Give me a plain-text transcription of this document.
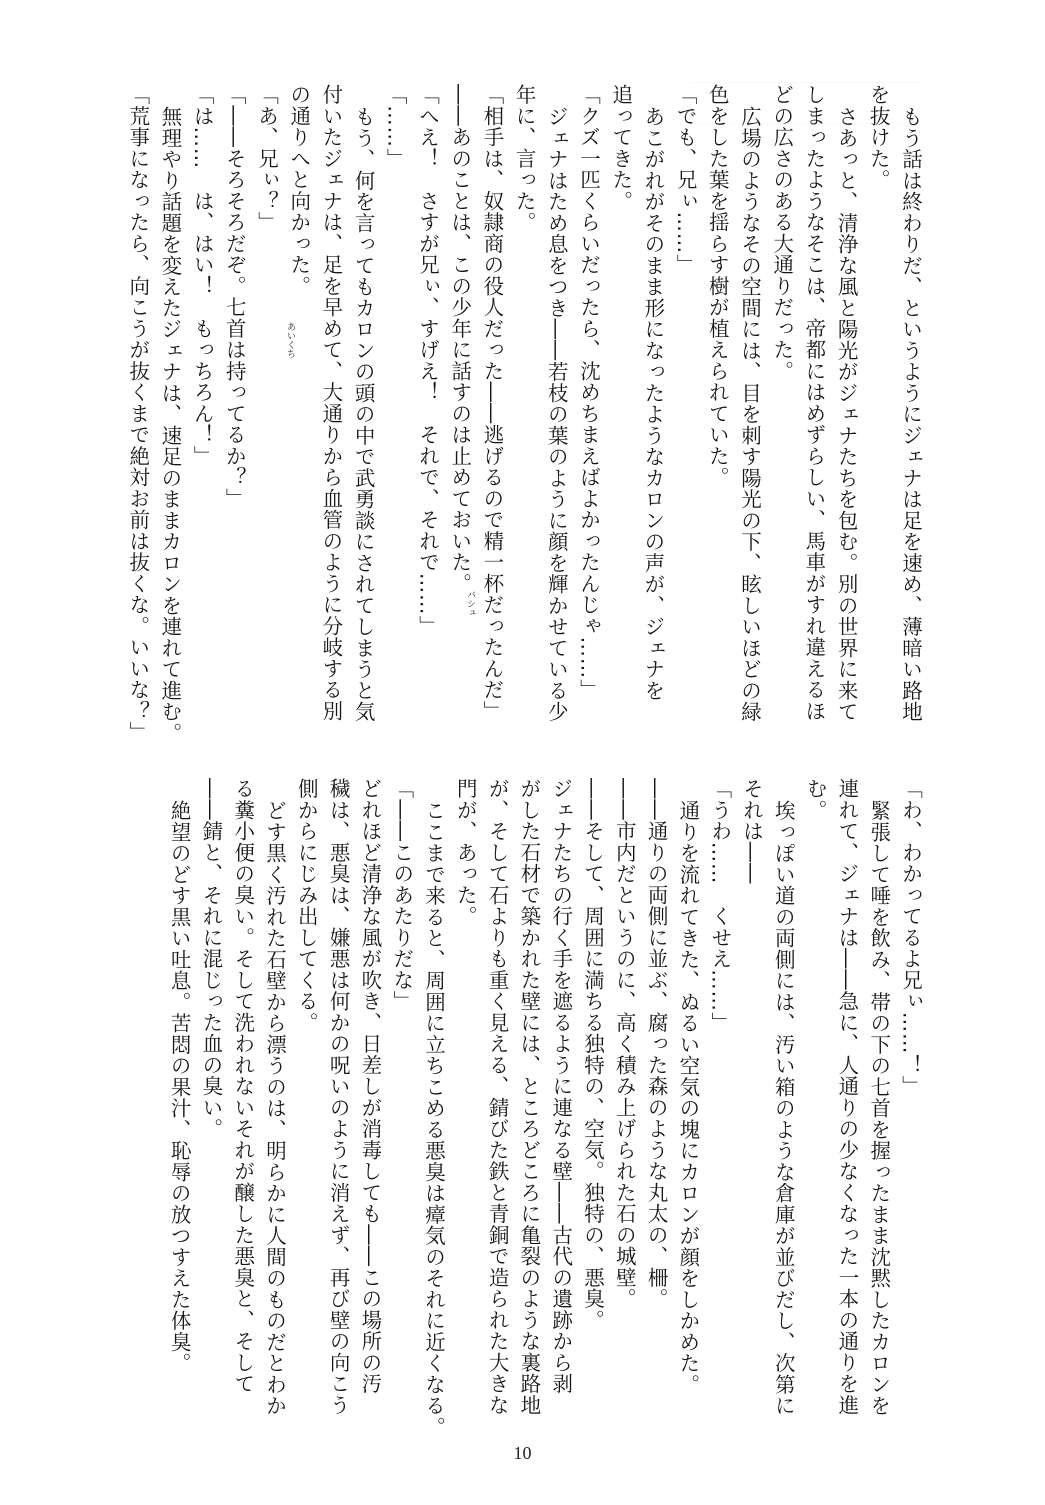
もう話は終わりだ、というようにジェナは足を速め、薄暗い路地
を抜けた。
さあっと、清浄な風と陽光がジェナたちを包む。別の世界に来て
しまったようなそこは、帝都にはめずらしい、馬車がすれ違えるほ
どの広さのある大通りだった。
広場のようなその空間には、目を刺す陽光の下、眩しいほどの緑
色をした葉を揺らす樹が植えられていた。
「でも、兄ぃ……」
あこがれがそのまま形になったようなカロンの声が、ジェナを
追ってきた。
「クズ一匹くらいだったら、沈めちまえばよかったんじゃ……」
ジェナはため息をつき――若枝の葉のように顔を輝かせている少
年に、言った。
「相手は、奴隷商の役人だった――逃げるので精一杯だったんだ」
――あのことは、この少年に話すのは止めておいた。
「へえ！　さすが兄ぃ、すげえ！　それで、それで……」
「……」
もう、何を言ってもカロンの頭の中で武勇談にされてしまうと気
付いたジェナは、足を早めて、大通りから血管のように分岐する別
の通りへと向かった。
「あ、兄ぃ？」
「――そろそろだぞ。七首は持ってるか？」
「は……　は、はい！　もっちろん！」
無理やり話題を変えたジェナは、速足のままカロンを連れて進む。
「荒事になったら、向こうが抜くまで絶対お前は抜くな。いいな？」
「わ、わかってるよ兄ぃ……！」
緊張して唾を飲み、帯の下の七首を握ったまま沈黙したカロンを
連れて、ジェナは――急に、人通りの少なくなった一本の通りを進
む。
埃っぽい道の両側には、汚い箱のような倉庫が並びだし、次第に
それは――
「うわ……　くせえ……」
通りを流れてきた、ぬるい空気の塊にカロンが顔をしかめた。
――通りの両側に並ぶ、腐った森のような丸太の、柵。
――市内だというのに、高く積み上げられた石の城壁。
――そして、周囲に満ちる独特の、空気。独特の、悪臭。
ジェナたちの行く手を遮るように連なる壁――古代の遺跡から剥
がした石材で築かれた壁には、ところどころに亀裂のような裏路地
が、そして石よりも重く見える、錆びた鉄と青銅で造られた大きな
門が、あった。
ここまで来ると、周囲に立ちこめる悪臭は瘴気のそれに近くなる。
「――このあたりだな」
どれほど清浄な風が吹き、日差しが消毒しても――この場所の汚
穢は、悪臭は、嫌悪は何かの呪いのように消えず、再び壁の向こう
側からにじみ出してくる。
どす黒く汚れた石壁から漂うのは、明らかに人間のものだとわか
る糞小便の臭い。そして洗われないそれが醸した悪臭と、そして
――錆と、それに混じった血の臭い。
絶望のどす黒い吐息。苦悶の果汁、恥辱の放つすえた体臭。
バシュ
あいくち
10
